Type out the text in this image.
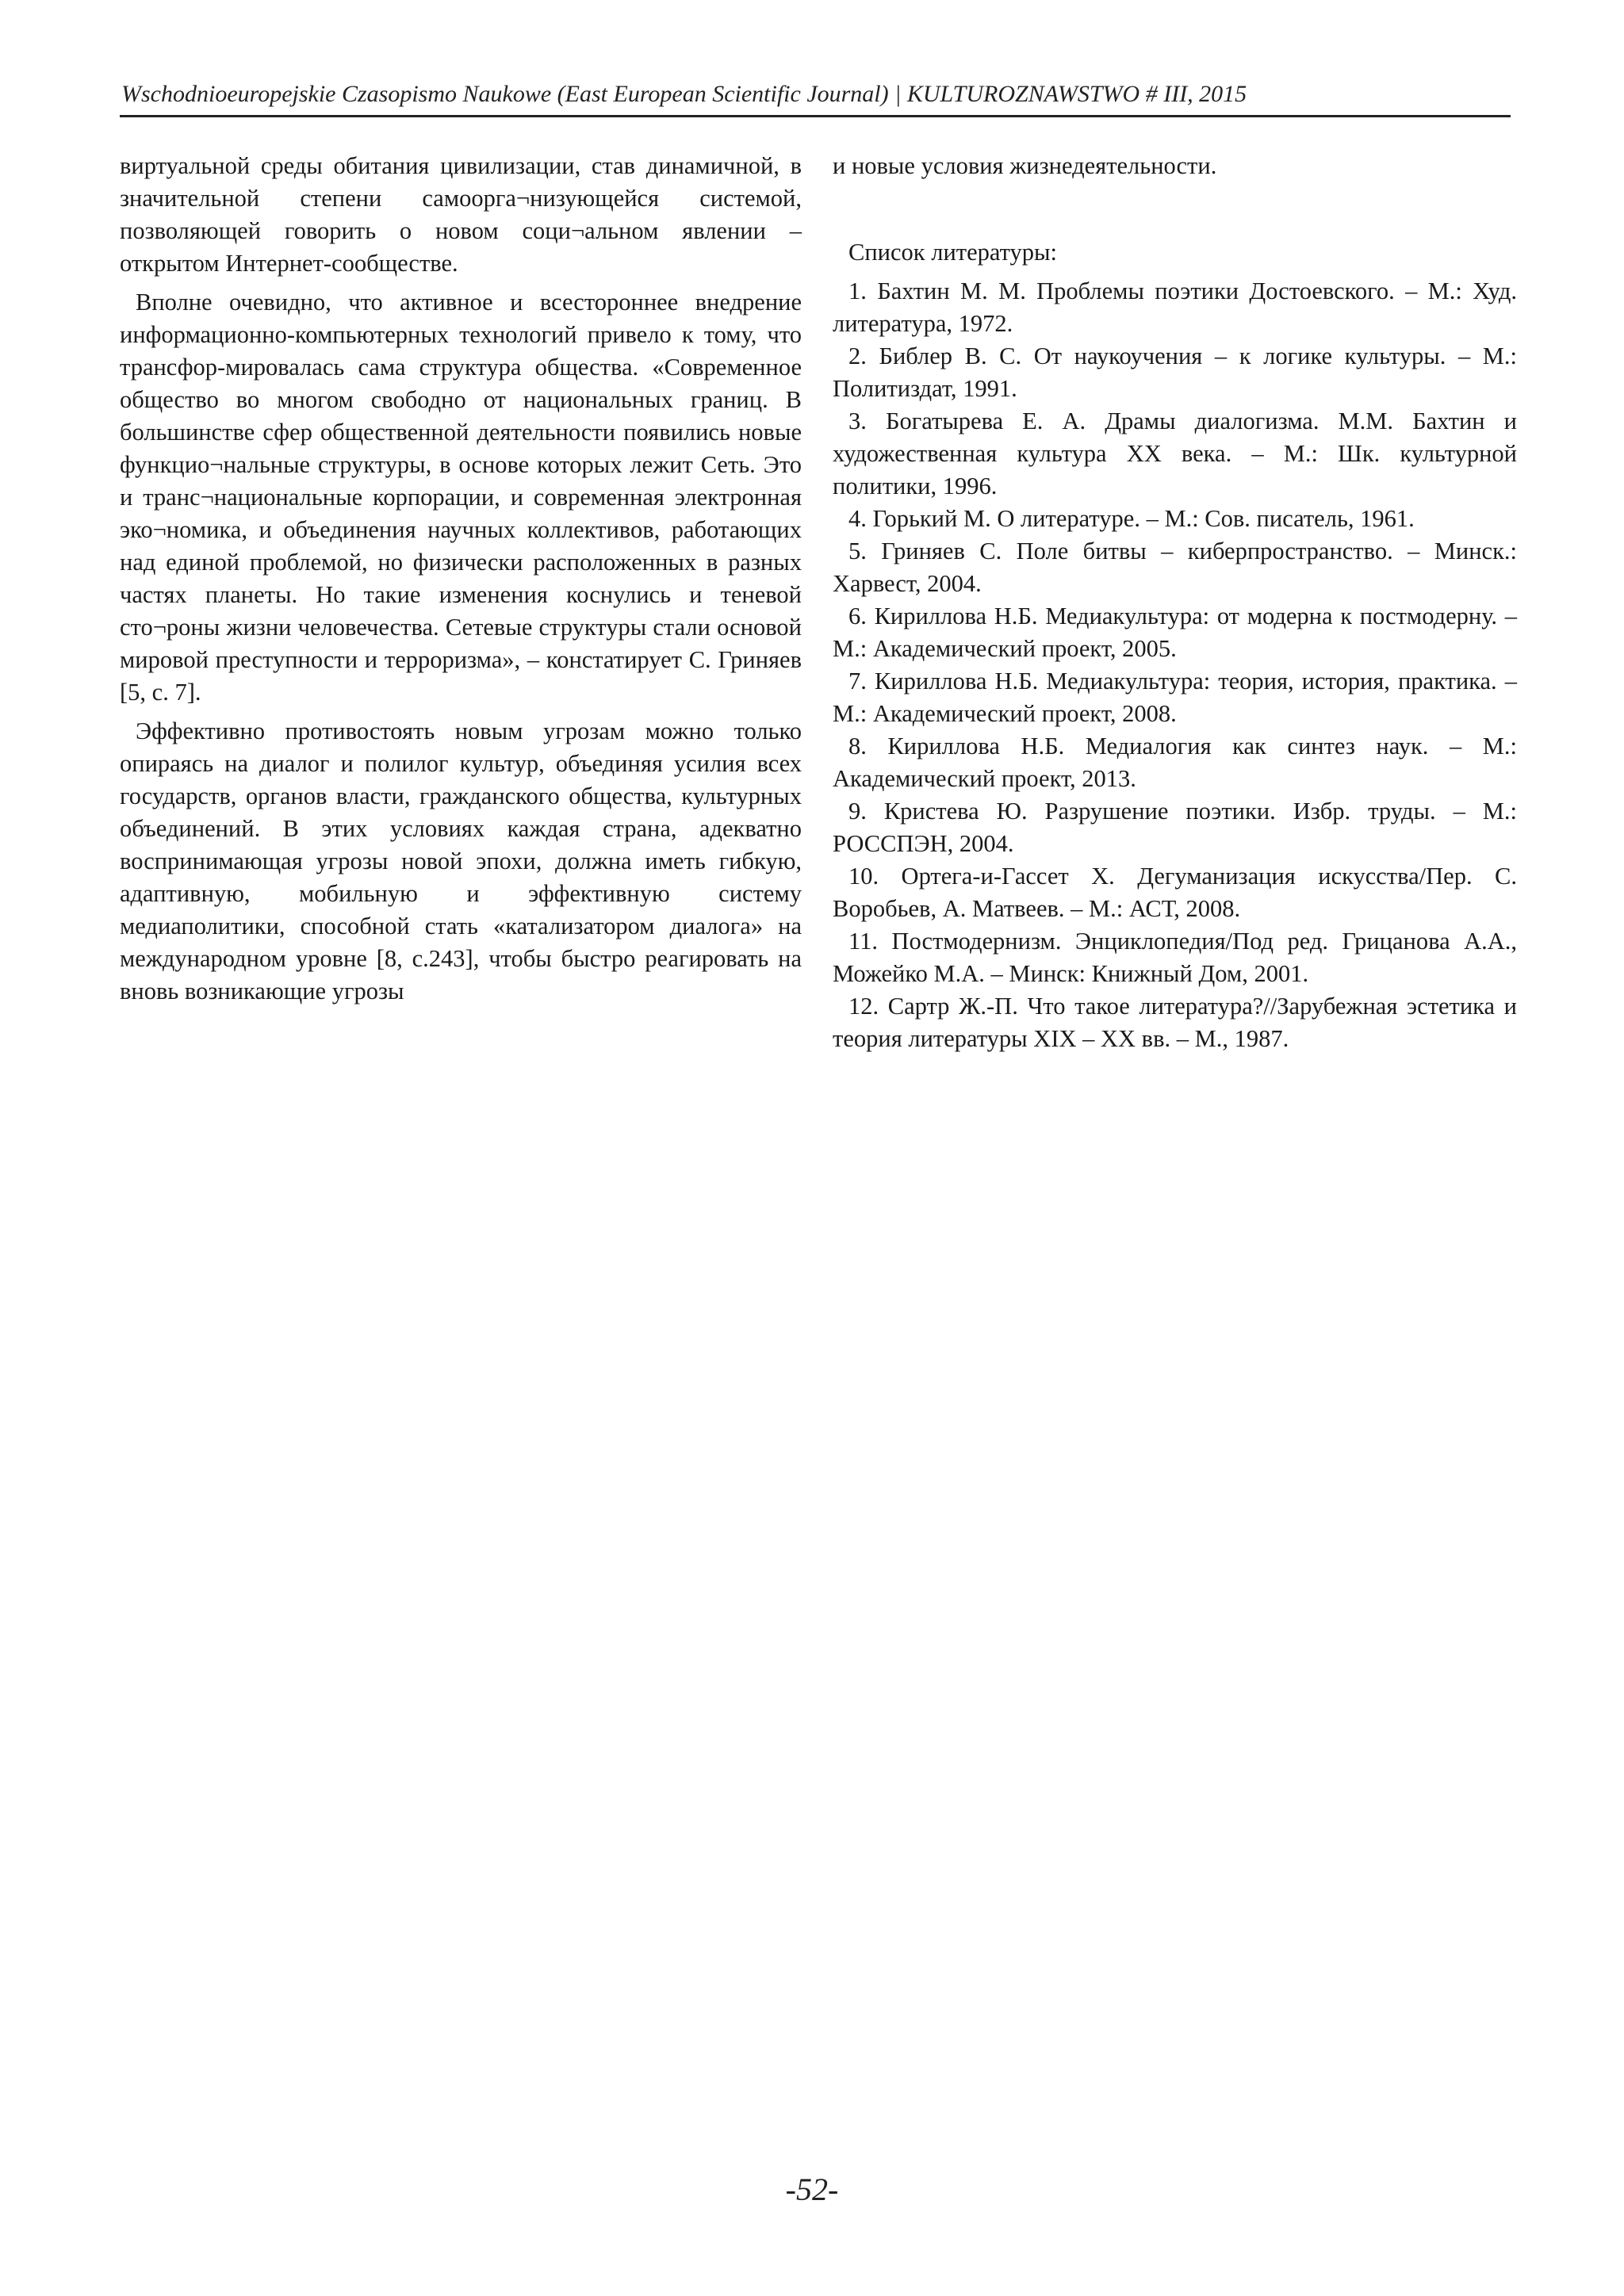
Wschodnioeuropejskie Czasopismo Naukowe (East European Scientific Journal) | KULTUROZNAWSTWO # III, 2015

виртуальной среды обитания цивилизации, став динамичной, в значительной степени самоорга¬низующейся системой, позволяющей говорить о новом соци¬альном явлении – открытом Интернет-сообществе.

Вполне очевидно, что активное и всестороннее внедрение информационно-компьютерных технологий привело к тому, что трансфор-мировалась сама структура общества. «Современное общество во многом свободно от национальных границ. В большинстве сфер общественной деятельности появились новые функцио¬нальные структуры, в основе которых лежит Сеть. Это и транс¬национальные корпорации, и современная электронная эко¬номика, и объединения научных коллективов, работающих над единой проблемой, но физически расположенных в разных частях планеты. Но такие изменения коснулись и теневой сто¬роны жизни человечества. Сетевые структуры стали основой мировой преступности и терроризма», – констатирует С. Гриняев [5, с. 7].

Эффективно противостоять новым угрозам можно только опираясь на диалог и полилог культур, объединяя усилия всех государств, органов власти, гражданского общества, культурных объединений. В этих условиях каждая страна, адекватно воспринимающая угрозы новой эпохи, должна иметь гибкую, адаптивную, мобильную и эффективную систему медиаполитики, способной стать «катализатором диалога» на международном уровне [8, с.243], чтобы быстро реагировать на вновь возникающие угрозы

и новые условия жизнедеятельности.

Список литературы:

1. Бахтин М. М. Проблемы поэтики Достоевского. – М.: Худ. литература, 1972.

2. Библер В. С. От наукоучения – к логике культуры. – М.: Политиздат, 1991.

3. Богатырева Е. А. Драмы диалогизма. М.М. Бахтин и художественная культура XX века. – М.: Шк. культурной политики, 1996.

4. Горький М. О литературе. – М.: Сов. писатель, 1961.

5. Гриняев С. Поле битвы – киберпространство. – Минск.: Харвест, 2004.

6. Кириллова Н.Б. Медиакультура: от модерна к постмодерну. – М.: Академический проект, 2005.

7. Кириллова Н.Б. Медиакультура: теория, история, практика. – М.: Академический проект, 2008.

8. Кириллова Н.Б. Медиалогия как синтез наук. – М.: Академический проект, 2013.

9. Кристева Ю. Разрушение поэтики. Избр. труды. – М.: РОССПЭН, 2004.

10. Ортега-и-Гассет Х. Дегуманизация искусства/Пер. С. Воробьев, А. Матвеев. – М.: АСТ, 2008.

11. Постмодернизм. Энциклопедия/Под ред. Грицанова А.А., Можейко М.А. – Минск: Книжный Дом, 2001.

12. Сартр Ж.-П. Что такое литература?//Зарубежная эстетика и теория литературы XIX – XX вв. – М., 1987.

-52-
